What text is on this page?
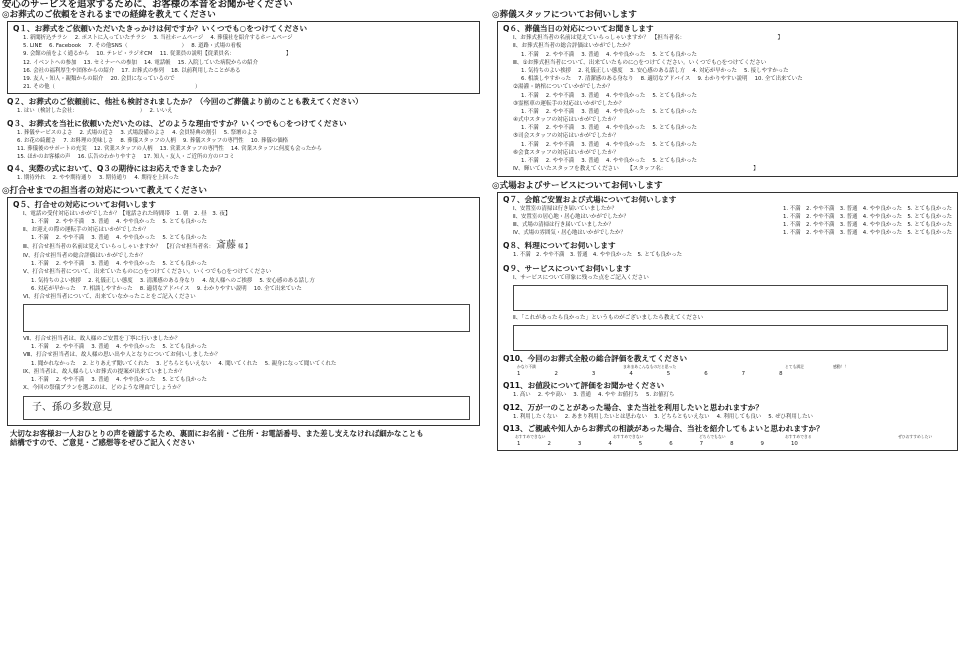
安心のサービスを追求するために、お客様の本音をお聞かせください
◎お葬式のご依頼をされるまでの経緯を教えてください
Q１、お葬式をご依頼いただいたきっかけは何ですか？いくつでも○をつけてください
1. 新聞折込チラシ　 2. ポストに入っていたチラシ　 3. 当社ホームページ　 4. 葬儀社を紹介するホームページ
5. LINE　 6. Facebook　 7. その他SNS（　　　　　　　　　　）　 8. 道路・式場の看板
9. 会館の前をよく通るから　 10. テレビ・ラジオCM　 11. 従業員の説明【従業員名：　　　　　　　　　　】
12. イベントへの参加　 13. セミナーへの参加　 14. 電話帳　 15. 入院していた病院からの紹介
16. 会社の福利厚生や団体からの紹介　 17. お葬式の参列　 18. 以前利用したことがある
19. 友人・知人・親類からの紹介　 20. 会員になっているので
21. その他（　　　　　　　　　　　　　　　　　　　　　　　　　　）
Q２、お葬式のご依頼前に、他社も検討されましたか？（今回のご葬儀より前のことも教えてください）
1. はい（検討した会社：　　　　　　　　　　　　）　 2. いいえ
Q３、お葬式を当社に依頼いただいたのは、どのような理由ですか？いくつでも○をつけてください
1. 葬儀サービスのよさ　 2. 式場の近さ　 3. 式場設備のよさ　 4. 会員特典の割引　 5. 祭壇のよさ
6. お花の綺麗さ　 7. お料理の美味しさ　 8. 葬儀スタッフの人柄　 9. 葬儀スタッフの専門性　 10. 葬儀の価格
11. 葬儀後のサポートの充実　 12. 営業スタッフの人柄　 13. 営業スタッフの専門性　 14. 営業スタッフに何度も会ったから
15. ほかのお客様の声　 16. 広告のわかりやすさ　 17. 知人・友人・ご近所の方のロコミ
Q４、実際の式において、Q３の期待にはお応えできましたか？
1. 期待外れ　 2. やや期待通り　 3. 期待通り　 4. 期待を上回った
◎打合せまでの担当者の対応について教えてください
Q５、打合せの対応についてお伺いします
Ⅰ、電話の受付対応はいかがでしたか？【電話された時間帯　1. 朝　2. 昼　3. 夜】
1. 不満　 2. やや不満　 3. 普通　 4. やや良かった　 5. とても良かった
Ⅱ、お迎えの際の運転手の対応はいかがでしたか？
1. 不満　 2. やや不満　 3. 普通　 4. やや良かった　 5. とても良かった
Ⅲ、打合せ担当者の名前は覚えていらっしゃいますか？　【打合せ担当者名： 斎藤 様 】
Ⅳ、打合せ担当者の総合評価はいかがでしたか？
1. 不満　 2. やや不満　 3. 普通　 4. やや良かった　 5. とても良かった
Ⅴ、打合せ担当者について、出来ていたものに○をつけてください。いくつでも○をつけてください
1. 気持ちのよい挨拶　 2. 礼儀正しい態度　 3. 清潔感のある身なり　 4. 故人様へのご挨拶　 5. 安心感のある話し方
6. 対応が早かった　 7. 相談しやすかった　 8. 適切なアドバイス　 9. わかりやすい説明　 10. 全て出来ていた
Ⅵ、打合せ担当者について、出来ていなかったことをご記入ください
Ⅶ、打合せ担当者は、故人様のご安置を丁寧に行いましたか？
1. 不満　 2. やや不満　 3. 普通　 4. やや良かった　 5. とても良かった
Ⅷ、打合せ担当者は、故人様の思い出や人となりについてお伺いしましたか？
1. 聞かれなかった　 2. とりあえず聞いてくれた　 3. どちらともいえない　 4. 聞いてくれた　 5. 親身になって聞いてくれた
Ⅸ、担当者は、故人様らしいお葬式の提案が出来ていましたか？
1. 不満　 2. やや不満　 3. 普通　 4. やや良かった　 5. とても良かった
Ⅹ、今回の祭儀プランを選ぶのは、どのような理由でしょうか？
子、孫の多数意見
大切なお客様お一人おひとりの声を確認するため、裏面にお名前・ご住所・お電話番号、また差し支えなければ細かなことも
結構ですので、ご意見・ご感想等をぜひご記入ください
◎葬儀スタッフについてお伺いします
Q６、葬儀当日の対応についてお聞きします
Ⅰ、お葬式担当者の名前は覚えていらっしゃいますか？　【担当者名：　　　　　　　　　　　　　　　　　】
Ⅱ、お葬式担当者の総合評価はいかがでしたか？
1. 不満　 2. やや不満　 3. 普通　 4. やや良かった　 5. とても良かった
Ⅲ、①お葬式担当者について、出来ていたものに○をつけてください。いくつでも○をつけてください
1. 気持ちのよい挨拶　 2. 礼儀正しい態度　 3. 安心感のある話し方　 4. 対応が早かった　 5. 接しやすかった
6. 相談しやすかった　 7. 清潔感のある身なり　 8. 適切なアドバイス　 9. わかりやすい説明　 10. 全て出来ていた
②湯灌・納棺についていかがでしたか？
1. 不満　 2. やや不満　 3. 普通　 4. やや良かった　 5. とても良かった
③霊柩車の運転手の対応はいかがでしたか？
1. 不満　 2. やや不満　 3. 普通　 4. やや良かった　 5. とても良かった
④式中スタッフの対応はいかがでしたか？
1. 不満　 2. やや不満　 3. 普通　 4. やや良かった　 5. とても良かった
⑤司会スタッフの対応はいかがでしたか？
1. 不満　 2. やや不満　 3. 普通　 4. やや良かった　 5. とても良かった
⑥会食スタッフの対応はいかがでしたか？
1. 不満　 2. やや不満　 3. 普通　 4. やや良かった　 5. とても良かった
Ⅳ、輝いていたスタッフを教えてください　　【スタッフ名：　　　　　　　　　　　　　　　　】
◎式場およびサービスについてお伺いします
Q７、会館ご安置および式場についてお伺いします
Ⅰ、安置室の清掃は行き届いていましたか？	1. 不満　2. やや不満　3. 普通　4. やや良かった　5. とても良かった
Ⅱ、安置室の居心地・居心地はいかがでしたか？	1. 不満　2. やや不満　3. 普通　4. やや良かった　5. とても良かった
Ⅲ、式場の清掃は行き届いていましたか？	1. 不満　2. やや不満　3. 普通　4. やや良かった　5. とても良かった
Ⅳ、式場の雰囲気・居心地はいかがでしたか？	1. 不満　2. やや不満　3. 普通　4. やや良かった　5. とても良かった
Q８、料理についてお伺いします
1. 不満　2. やや不満　3. 普通　4. やや良かった　5. とても良かった
Q９、サービスについてお伺いします
Ⅰ、サービスについて印象に残った点をご記入ください
Ⅱ、「これがあったら良かった」というものがございましたら教えてください
Q10、今回のお葬式全般の総合評価を教えてください
かなり不満	まあまあこんなものだと思った	とても満足	感動！！
1	2	3	4	5	6	7	8
Q11、お値段について評価をお聞かせください
1. 高い　 2. やや高い　 3. 普通　 4. やや お値打ち　 5. お値打ち
Q12、万が一のことがあった場合、また当社を利用したいと思われますか？
1. 利用したくない　 2. あまり利用したいとは思わない　 3. どちらともいえない　 4. 利用しても良い　 5. ぜひ利用したい
Q13、ご親戚や知人からお葬式の相談があった場合、当社を紹介してもよいと思われますか？
おすすめできない	おすすめできない	どちらでもない	おすすめできる	ぜひおすすめしたい
1	2	3	4	5	6	7	8	9	10
